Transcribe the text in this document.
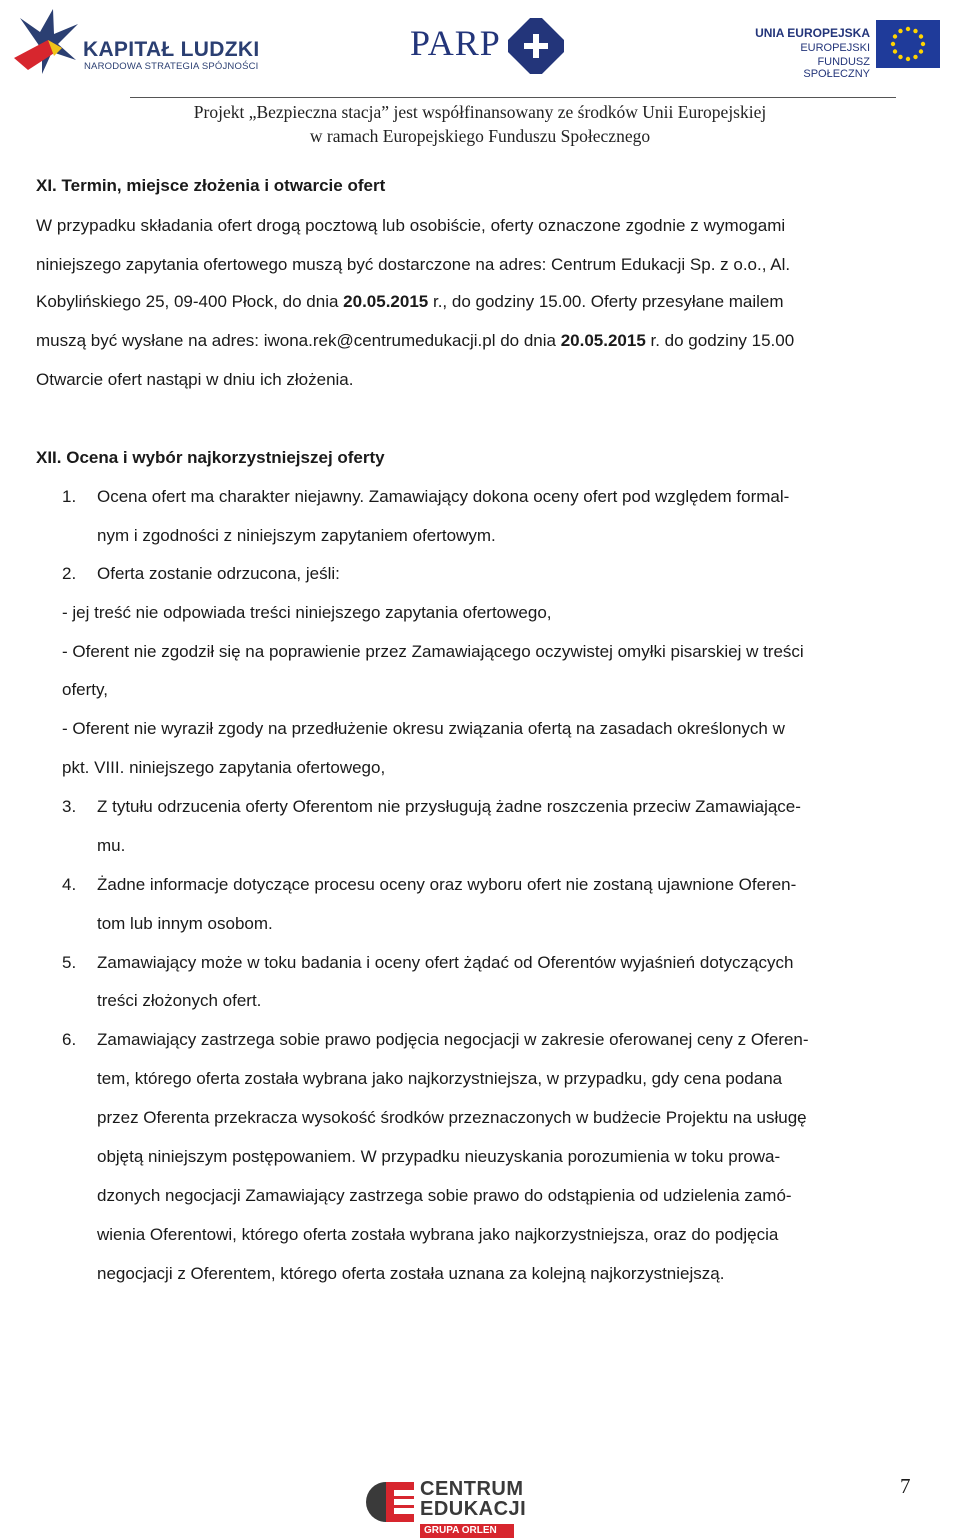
KAPITAŁ LUDZKI
NARODOWA STRATEGIA SPÓJNOŚCI
PARP	UNIA EUROPEJSKA
EUROPEJSKI
FUNDUSZ SPOŁECZNY
Projekt „Bezpieczna stacja” jest współfinansowany ze środków Unii Europejskiej
w ramach Europejskiego Funduszu Społecznego
XI. Termin, miejsce złożenia i otwarcie ofert
W przypadku składania ofert drogą pocztową lub osobiście, oferty oznaczone zgodnie z wymogami
niniejszego zapytania ofertowego muszą być dostarczone na adres: Centrum Edukacji Sp. z o.o., Al.
Kobylińskiego 25, 09-400 Płock, do dnia 20.05.2015 r., do godziny 15.00. Oferty przesyłane mailem
muszą być wysłane na adres: iwona.rek@centrumedukacji.pl do dnia 20.05.2015 r. do godziny 15.00
Otwarcie ofert nastąpi w dniu ich złożenia.
XII. Ocena i wybór najkorzystniejszej oferty
1. Ocena ofert ma charakter niejawny. Zamawiający dokona oceny ofert pod względem formal-
nym i zgodności z niniejszym zapytaniem ofertowym.
2. Oferta zostanie odrzucona, jeśli:
- jej treść nie odpowiada treści niniejszego zapytania ofertowego,
- Oferent nie zgodził się na poprawienie przez Zamawiającego oczywistej omyłki pisarskiej w treści
oferty,
- Oferent nie wyraził zgody na przedłużenie okresu związania ofertą na zasadach określonych w
pkt. VIII. niniejszego zapytania ofertowego,
3. Z tytułu odrzucenia oferty Oferentom nie przysługują żadne roszczenia przeciw Zamawiające-
mu.
4. Żadne informacje dotyczące procesu oceny oraz wyboru ofert nie zostaną ujawnione Oferen-
tom lub innym osobom.
5. Zamawiający może w toku badania i oceny ofert żądać od Oferentów wyjaśnień dotyczących
treści złożonych ofert.
6. Zamawiający zastrzega sobie prawo podjęcia negocjacji w zakresie oferowanej ceny z Oferen-
tem, którego oferta została wybrana jako najkorzystniejsza, w przypadku, gdy cena podana
przez Oferenta przekracza wysokość środków przeznaczonych w budżecie Projektu na usługę
objętą niniejszym postępowaniem. W przypadku nieuzyskania porozumienia w toku prowa-
dzonych negocjacji Zamawiający zastrzega sobie prawo do odstąpienia od udzielenia zamó-
wienia Oferentowi, którego oferta została wybrana jako najkorzystniejsza, oraz do podjęcia
negocjacji z Oferentem, którego oferta została uznana za kolejną najkorzystniejszą.
CENTRUM
EDUKACJI
GRUPA ORLEN
7
